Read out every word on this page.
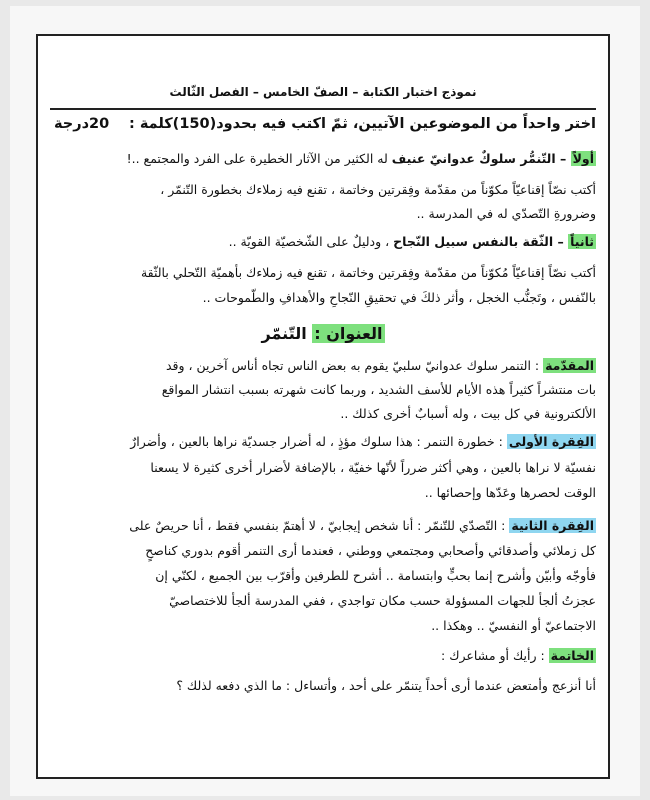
نموذج اختبار الكتابة – الصفّ الخامس – الفصل الثّالث
اختر واحداً من الموضوعين الآتيين، ثمّ اكتب فيه بحدود(150)كلمة :
20درجة
أولاً – التّنمُّر سلوكٌ عدوانيّ عنيف له الكثير من الآثار الخطيرة على الفرد والمجتمع ..!
أكتب نصّاً إقناعيّاً مكوّناً من مقدّمة وفِقرتين وخاتمة ، تقنع فيه زملاءك بخطورة التّنمّر ،
وضرورةِ التّصدّي له في المدرسة ..
ثانياً – الثّقة بالنفس سبيل النّجاح ، ودليلٌ على الشّخصيّة القويّة ..
أكتب نصّاً إقناعيّاً مُكوّناً من مقدّمة وفِقرتين وخاتمة ، تقنع فيه زملاءك بأهميّة التّحلي بالثّقة
بالنّفس ، وتَجنُّب الخجل ، وأثر ذلكَ في تحقيقِ النّجاحِ والأهدافِ والطّموحات ..
العنوان : التّنمّر
المقدّمة : التنمر سلوك عدوانيّ سلبيّ يقوم به بعض الناس تجاه أناس آخرين ، وقد
بات منتشراً كثيراً هذه الأيام للأسف الشديد ، وربما كانت شهرته بسبب انتشار المواقع
الألكترونية في كل بيت ، وله أسبابٌ أخرى كذلك ..
الفِقرة الأولى : خطورة التنمر : هذا سلوك مؤذٍ ، له أضرار جسديّة نراها بالعين ، وأضرارٌ
نفسيّة لا نراها بالعين ، وهي أكثر ضرراً لأنّها خفيّة ، بالإضافة لأضرار أخرى كثيرة لا يسعنا
الوقت لحصرها وعَدّها وإحصائها ..
الفِقرة الثانية : التّصدّي للتّنمّر : أنا شخص إيجابيّ ، لا أهتمّ بنفسي فقط ، أنا حريصٌ على
كل زملائي وأصدقائي وأصحابي ومجتمعي ووطني ، فعندما أرى التنمر أقوم بدوري كناصحٍ
فأوجّه وأبيّن وأشرح إنما بحبٍّ وابتسامة .. أشرح للطرفين وأقرّب بين الجميع ، لكنّي إن
عجزتُ ألجأ للجهات المسؤولة حسب مكان تواجدي ، ففي المدرسة ألجأ للاختصاصيّ
الاجتماعيّ أو النفسيّ .. وهكذا ..
الخاتمة : رأيك أو مشاعرك :
أنا أنزعج وأمتعض عندما أرى أحداً يتنمّر على أحد ، وأتساءل : ما الذي دفعه لذلك ؟
